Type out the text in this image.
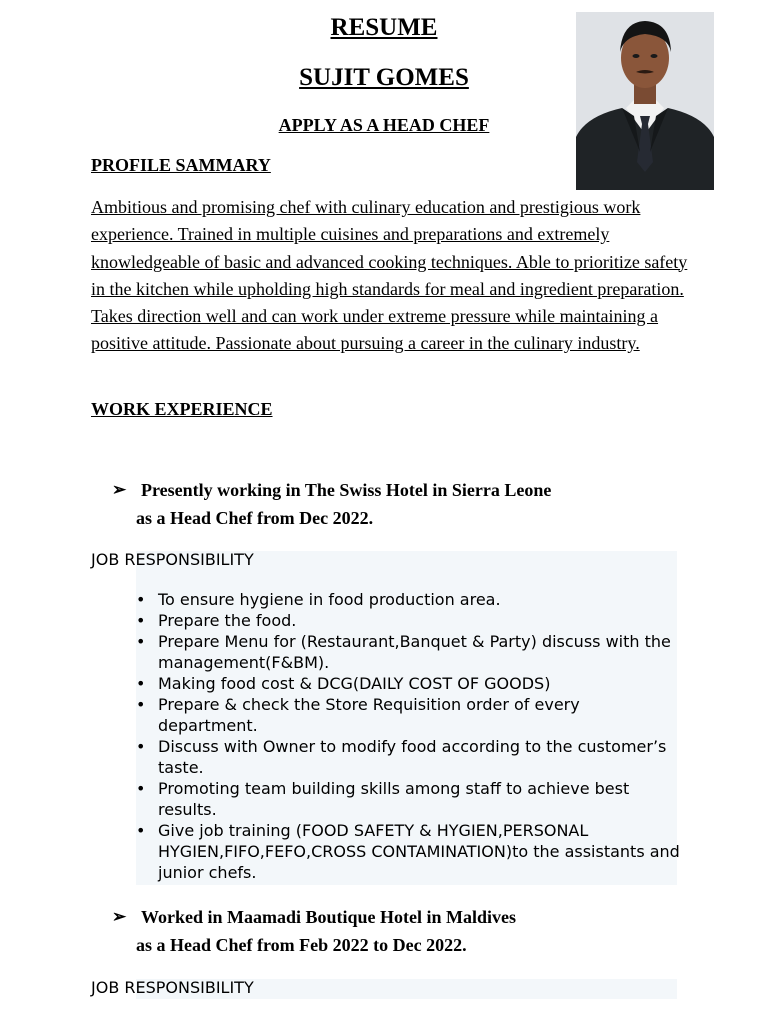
RESUME
SUJIT GOMES
APPLY AS A HEAD CHEF
PROFILE SAMMARY

Ambitious and promising chef with culinary education and prestigious work experience. Trained in multiple cuisines and preparations and extremely knowledgeable of basic and advanced cooking techniques. Able to prioritize safety in the kitchen while upholding high standards for meal and ingredient preparation. Takes direction well and can work under extreme pressure while maintaining a positive attitude. Passionate about pursuing a career in the culinary industry.

WORK EXPERIENCE
➢ Presently working in The Swiss Hotel in Sierra Leone
as a Head Chef from Dec 2022.
JOB RESPONSIBILITY
• To ensure hygiene in food production area.
• Prepare the food.
• Prepare Menu for (Restaurant,Banquet & Party) discuss with the management(F&BM).
• Making food cost & DCG(DAILY COST OF GOODS)
• Prepare & check the Store Requisition order of every department.
• Discuss with Owner to modify food according to the customer’s taste.
• Promoting team building skills among staff to achieve best results.
• Give job training (FOOD SAFETY & HYGIEN,PERSONAL HYGIEN,FIFO,FEFO,CROSS CONTAMINATION)to the assistants and junior chefs.
➢ Worked in Maamadi Boutique Hotel in Maldives
as a Head Chef from Feb 2022 to Dec 2022.
JOB RESPONSIBILITY
